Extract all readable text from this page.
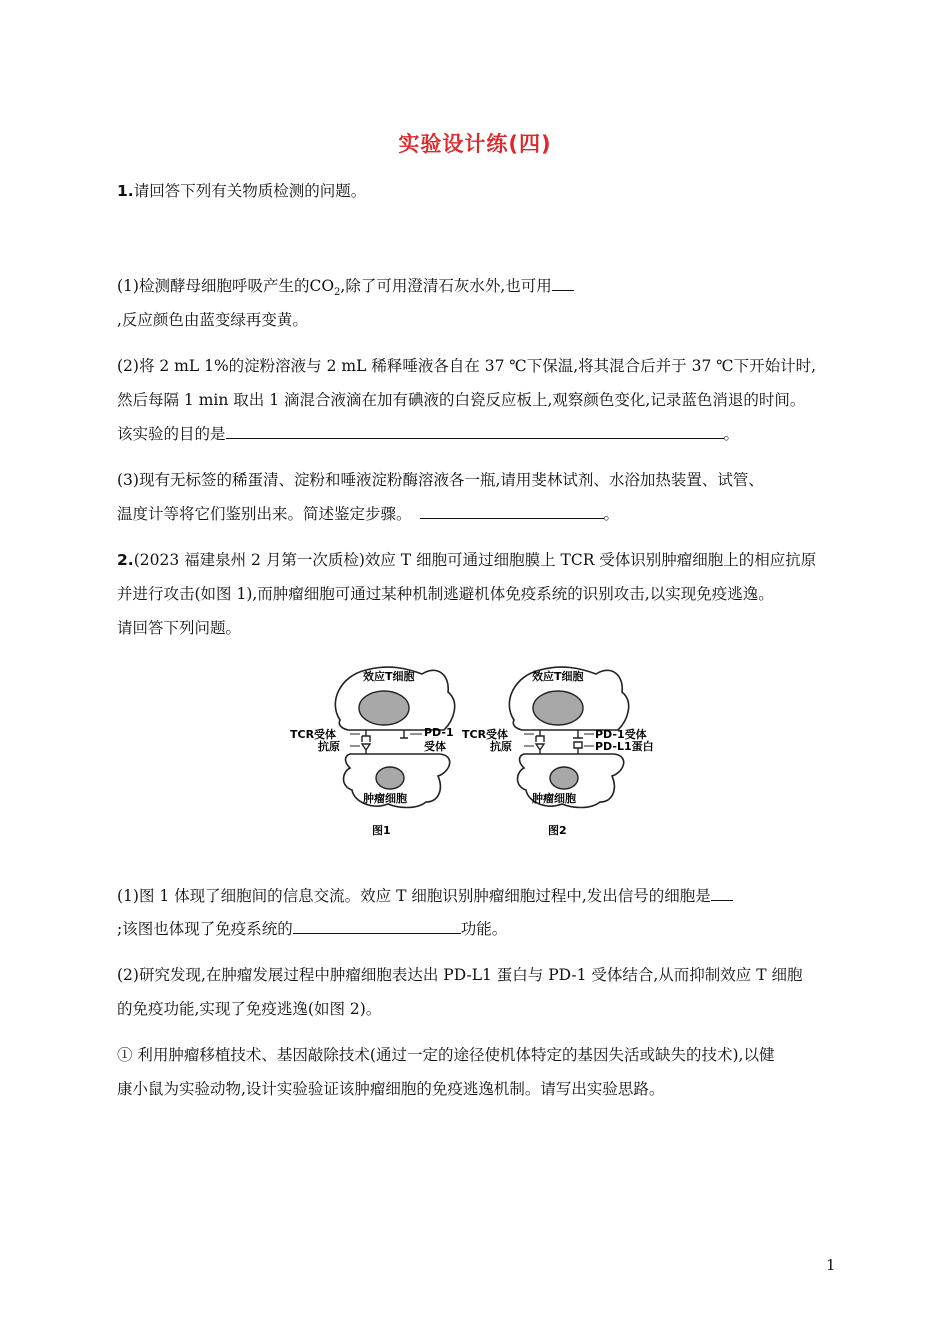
实验设计练(四)
1.请回答下列有关物质检测的问题。
(1)检测酵母细胞呼吸产生的$CO_2$,除了可用澄清石灰水外,也可用
,反应颜色由蓝变绿再变黄。
(2)将 2 mL 1%的淀粉溶液与 2 mL 稀释唾液各自在 37 ℃下保温,将其混合后并于 37 ℃下开始计时,
然后每隔 1 min 取出 1 滴混合液滴在加有碘液的白瓷反应板上,观察颜色变化,记录蓝色消退的时间。
该实验的目的是	。
(3)现有无标签的稀蛋清、淀粉和唾液淀粉酶溶液各一瓶,请用斐林试剂、水浴加热装置、试管、
温度计等将它们鉴别出来。简述鉴定步骤。	。
2.(2023 福建泉州 2 月第一次质检)效应 T 细胞可通过细胞膜上 TCR 受体识别肿瘤细胞上的相应抗原
并进行攻击(如图 1),而肿瘤细胞可通过某种机制逃避机体免疫系统的识别攻击,以实现免疫逃逸。
请回答下列问题。
效应T细胞
肿瘤细胞
TCR受体
抗原
PD-1
受体
图1
效应T细胞
肿瘤细胞
TCR受体
抗原
PD-1受体
PD-L1蛋白
图2
(1)图 1 体现了细胞间的信息交流。效应 T 细胞识别肿瘤细胞过程中,发出信号的细胞是
;该图也体现了免疫系统的	功能。
(2)研究发现,在肿瘤发展过程中肿瘤细胞表达出 PD-L1 蛋白与 PD-1 受体结合,从而抑制效应 T 细胞
的免疫功能,实现了免疫逃逸(如图 2)。
① 利用肿瘤移植技术、基因敲除技术(通过一定的途径使机体特定的基因失活或缺失的技术),以健
康小鼠为实验动物,设计实验验证该肿瘤细胞的免疫逃逸机制。请写出实验思路。
1
